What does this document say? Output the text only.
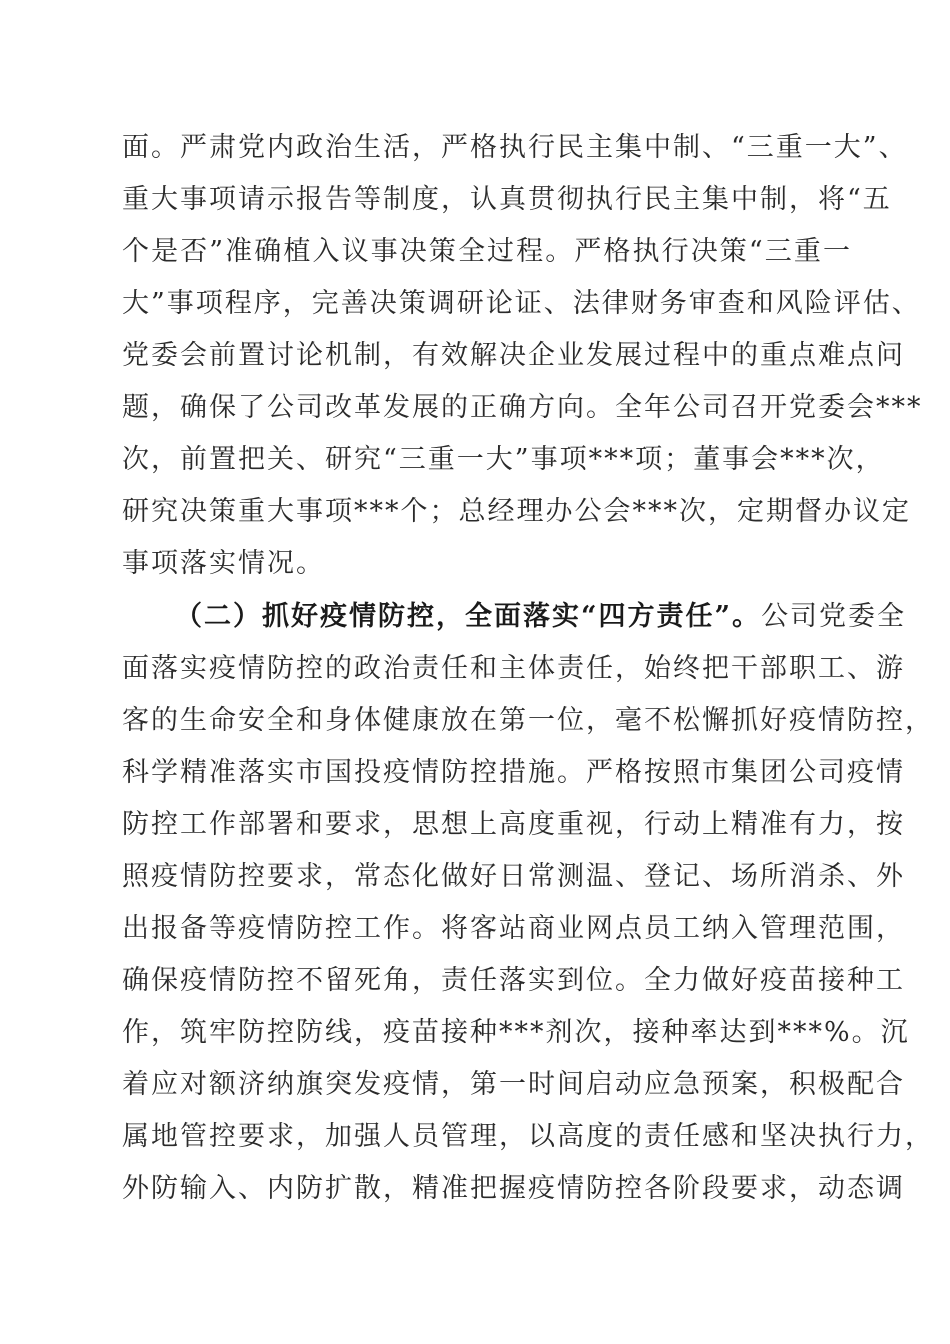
面。严肃党内政治生活，严格执行民主集中制、“三重一大”、
重大事项请示报告等制度，认真贯彻执行民主集中制，将“五
个是否”准确植入议事决策全过程。严格执行决策“三重一
大”事项程序，完善决策调研论证、法律财务审查和风险评估、
党委会前置讨论机制，有效解决企业发展过程中的重点难点问
题，确保了公司改革发展的正确方向。全年公司召开党委会***
次，前置把关、研究“三重一大”事项***项；董事会***次，
研究决策重大事项***个；总经理办公会***次，定期督办议定
事项落实情况。
（二）抓好疫情防控，全面落实“四方责任”。公司党委全
面落实疫情防控的政治责任和主体责任，始终把干部职工、游
客的生命安全和身体健康放在第一位，毫不松懈抓好疫情防控，
科学精准落实市国投疫情防控措施。严格按照市集团公司疫情
防控工作部署和要求，思想上高度重视，行动上精准有力，按
照疫情防控要求，常态化做好日常测温、登记、场所消杀、外
出报备等疫情防控工作。将客站商业网点员工纳入管理范围，
确保疫情防控不留死角，责任落实到位。全力做好疫苗接种工
作，筑牢防控防线，疫苗接种***剂次，接种率达到***%。沉
着应对额济纳旗突发疫情，第一时间启动应急预案，积极配合
属地管控要求，加强人员管理，以高度的责任感和坚决执行力，
外防输入、内防扩散，精准把握疫情防控各阶段要求，动态调
